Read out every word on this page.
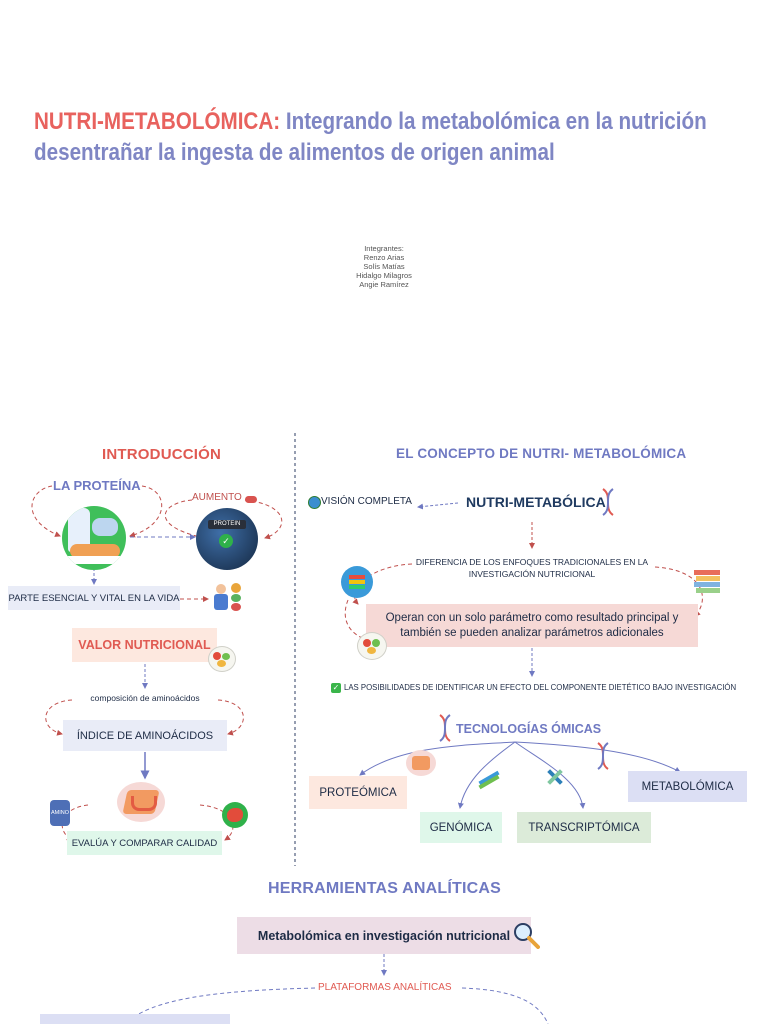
NUTRI-METABOLÓMICA: Integrando la metabolómica en la nutrición
desentrañar la ingesta de alimentos de origen animal
Integrantes:
Renzo Arias
Solís Matías
Hidalgo Milagros
Angie Ramírez
INTRODUCCIÓN
LA PROTEÍNA
AUMENTO
PROTEIN
✓
PARTE ESENCIAL Y VITAL EN LA VIDA
VALOR NUTRICIONAL
composición de aminoácidos
ÍNDICE DE AMINOÁCIDOS
AMINO
EVALÚA Y COMPARAR CALIDAD
EL CONCEPTO DE NUTRI- METABOLÓMICA
VISIÓN COMPLETA	NUTRI-METABÓLICA
DIFERENCIA DE LOS ENFOQUES TRADICIONALES EN LA INVESTIGACIÓN NUTRICIONAL
Operan con un solo parámetro como resultado principal y también se pueden analizar parámetros adicionales
✓ LAS POSIBILIDADES DE IDENTIFICAR UN EFECTO DEL COMPONENTE DIETÉTICO BAJO INVESTIGACIÓN
TECNOLOGÍAS ÓMICAS
PROTEÓMICA
GENÓMICA	TRANSCRIPTÓMICA
METABOLÓMICA
HERRAMIENTAS ANALÍTICAS
Metabolómica en investigación nutricional
PLATAFORMAS ANALÍTICAS
